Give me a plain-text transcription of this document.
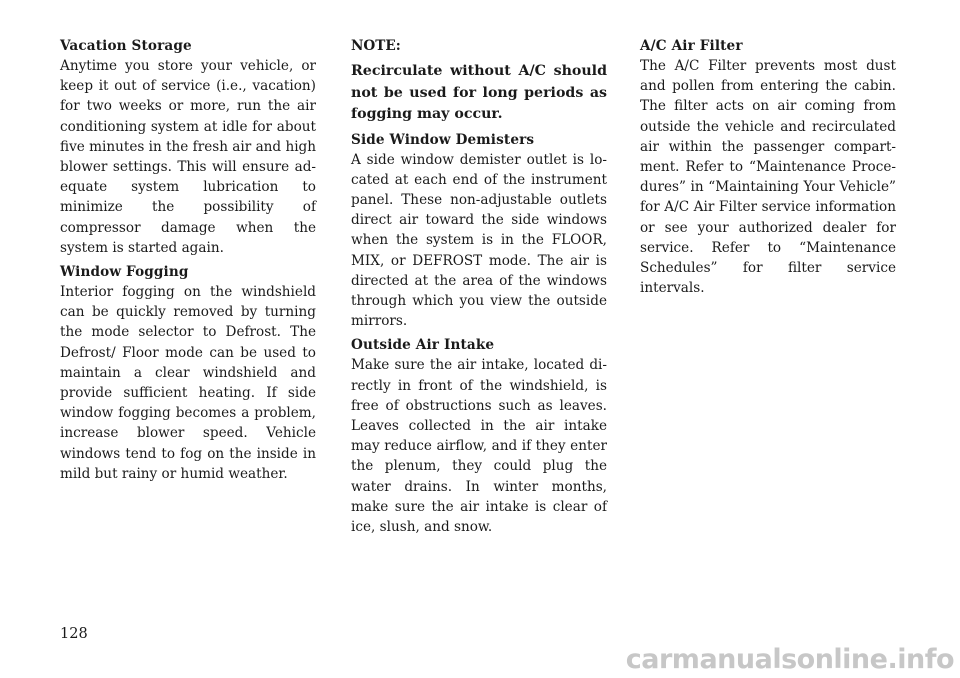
Vacation Storage

Anytime you store your vehicle, or keep it out of service (i.e., vacation) for two weeks or more, run the air conditioning system at idle for about five minutes in the fresh air and high blower settings. This will ensure adequate system lubrication to minimize the possibility of compressor damage when the system is started again.

Window Fogging

Interior fogging on the windshield can be quickly removed by turning the mode selector to Defrost. The Defrost/ Floor mode can be used to maintain a clear windshield and provide sufficient heating. If side window fogging becomes a problem, increase blower speed. Vehicle windows tend to fog on the inside in mild but rainy or humid weather.

NOTE:

Recirculate without A/C should not be used for long periods as fogging may occur.

Side Window Demisters

A side window demister outlet is located at each end of the instrument panel. These non-adjustable outlets direct air toward the side windows when the system is in the FLOOR, MIX, or DEFROST mode. The air is directed at the area of the windows through which you view the outside mirrors.

Outside Air Intake

Make sure the air intake, located directly in front of the windshield, is free of obstructions such as leaves. Leaves collected in the air intake may reduce airflow, and if they enter the plenum, they could plug the water drains. In winter months, make sure the air intake is clear of ice, slush, and snow.

A/C Air Filter

The A/C Filter prevents most dust and pollen from entering the cabin. The filter acts on air coming from outside the vehicle and recirculated air within the passenger compartment. Refer to “Maintenance Procedures” in “Maintaining Your Vehicle” for A/C Air Filter service information or see your authorized dealer for service. Refer to “Maintenance Schedules” for filter service intervals.

128
carmanualsonline.info
